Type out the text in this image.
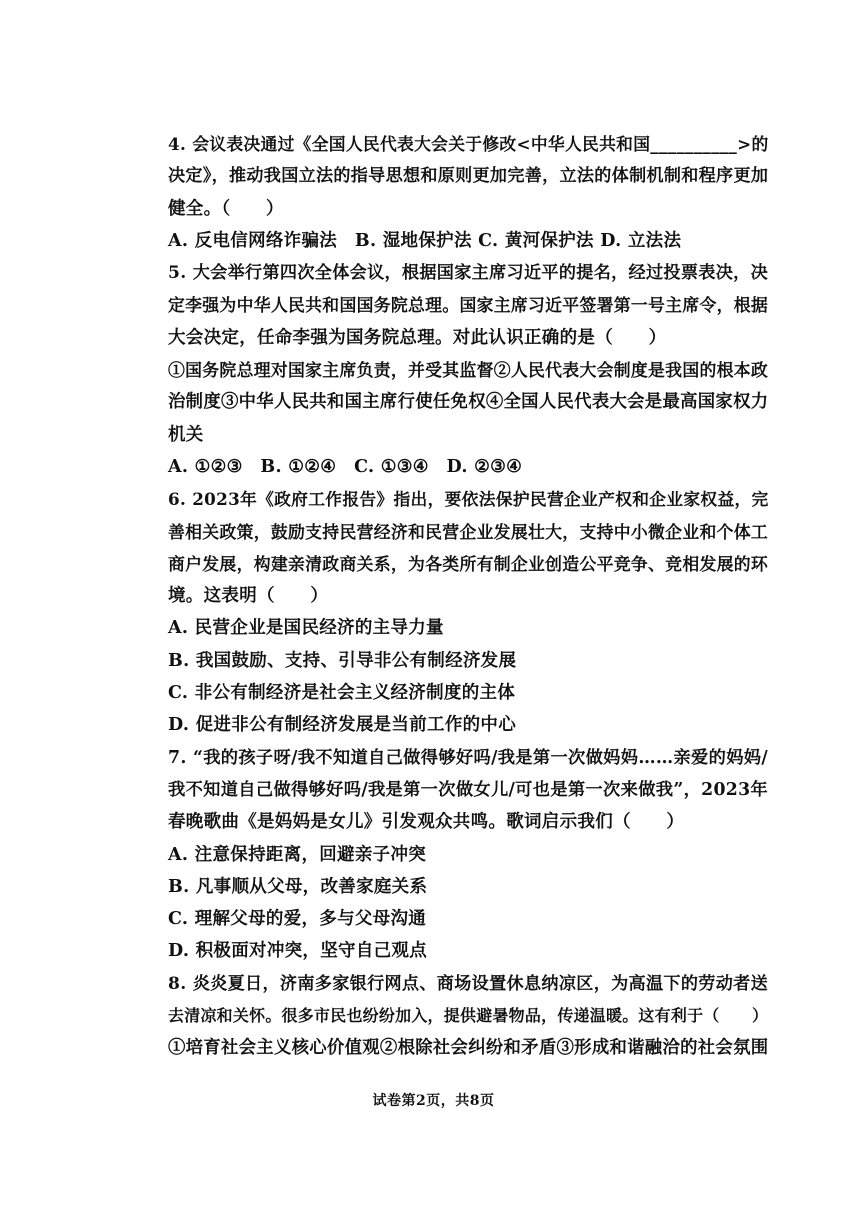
4. 会议表决通过《全国人民代表大会关于修改<中华人民共和国__________>的
决定》，推动我国立法的指导思想和原则更加完善，立法的体制机制和程序更加
健全。（　　）
A. 反电信网络诈骗法　B. 湿地保护法 C. 黄河保护法 D. 立法法
5. 大会举行第四次全体会议，根据国家主席习近平的提名，经过投票表决，决
定李强为中华人民共和国国务院总理。国家主席习近平签署第一号主席令，根据
大会决定，任命李强为国务院总理。对此认识正确的是（　　）
①国务院总理对国家主席负责，并受其监督②人民代表大会制度是我国的根本政
治制度③中华人民共和国主席行使任免权④全国人民代表大会是最高国家权力
机关
A. ①②③　B. ①②④　C. ①③④　D. ②③④
6. 2023年《政府工作报告》指出，要依法保护民营企业产权和企业家权益，完
善相关政策，鼓励支持民营经济和民营企业发展壮大，支持中小微企业和个体工
商户发展，构建亲清政商关系，为各类所有制企业创造公平竞争、竞相发展的环
境。这表明（　　）
A. 民营企业是国民经济的主导力量
B. 我国鼓励、支持、引导非公有制经济发展
C. 非公有制经济是社会主义经济制度的主体
D. 促进非公有制经济发展是当前工作的中心
7. “我的孩子呀/我不知道自己做得够好吗/我是第一次做妈妈……亲爱的妈妈/
我不知道自己做得够好吗/我是第一次做女儿/可也是第一次来做我”，2023年
春晚歌曲《是妈妈是女儿》引发观众共鸣。歌词启示我们（　　）
A. 注意保持距离，回避亲子冲突
B. 凡事顺从父母，改善家庭关系
C. 理解父母的爱，多与父母沟通
D. 积极面对冲突，坚守自己观点
8. 炎炎夏日，济南多家银行网点、商场设置休息纳凉区，为高温下的劳动者送
去清凉和关怀。很多市民也纷纷加入，提供避暑物品，传递温暖。这有利于（　　）
①培育社会主义核心价值观②根除社会纠纷和矛盾③形成和谐融洽的社会氛围
试卷第2页，共8页
